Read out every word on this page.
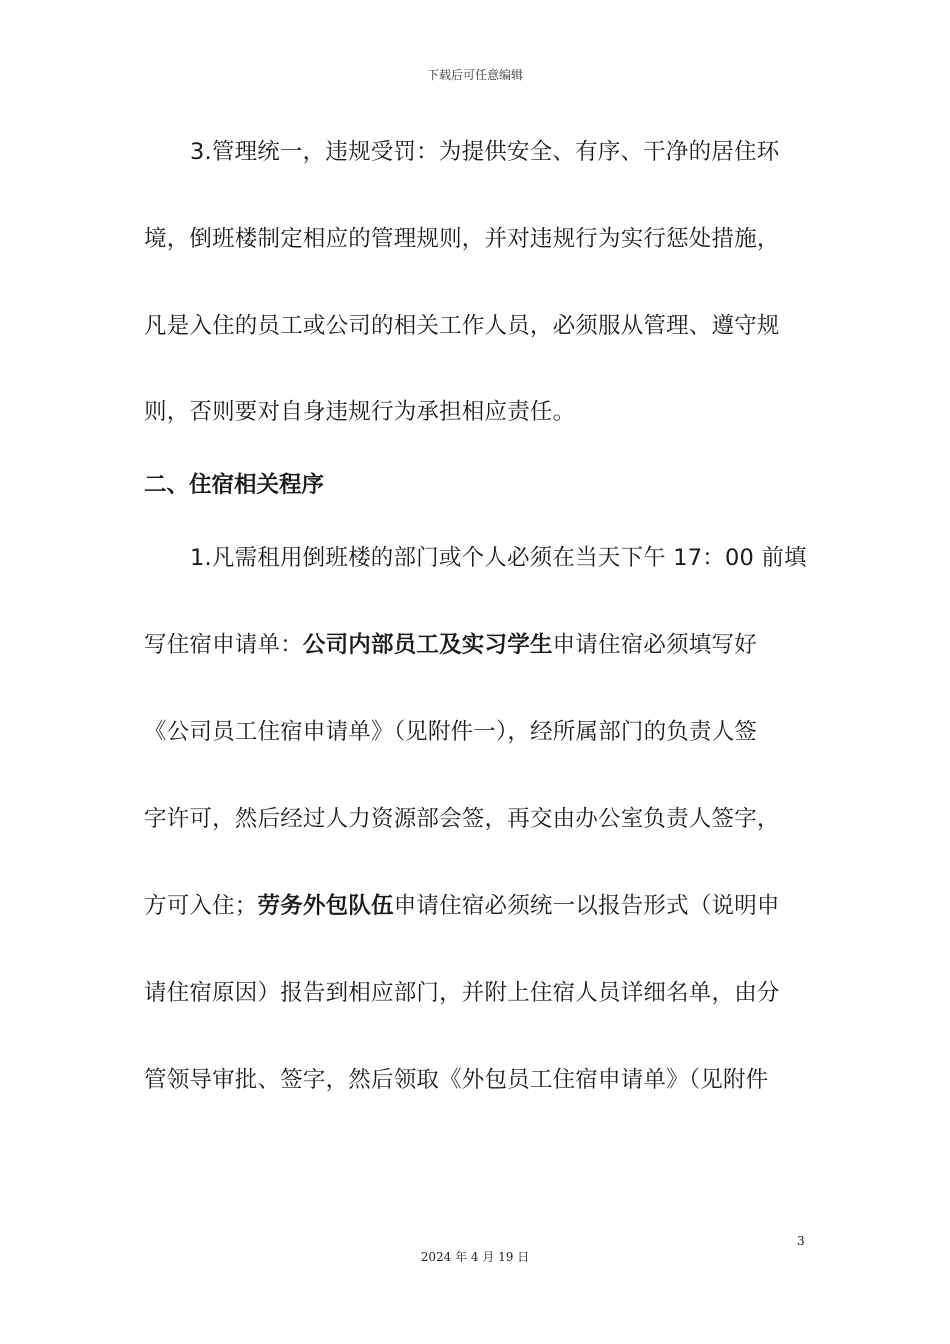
下载后可任意编辑
3.管理统一，违规受罚：为提供安全、有序、干净的居住环
境，倒班楼制定相应的管理规则，并对违规行为实行惩处措施，
凡是入住的员工或公司的相关工作人员，必须服从管理、遵守规
则，否则要对自身违规行为承担相应责任。
二、住宿相关程序
1.凡需租用倒班楼的部门或个人必须在当天下午 17：00 前填
写住宿申请单：公司内部员工及实习学生申请住宿必须填写好
《公司员工住宿申请单》（见附件一），经所属部门的负责人签
字许可，然后经过人力资源部会签，再交由办公室负责人签字，
方可入住；劳务外包队伍申请住宿必须统一以报告形式（说明申
请住宿原因）报告到相应部门，并附上住宿人员详细名单，由分
管领导审批、签字，然后领取《外包员工住宿申请单》（见附件
3
2024 年 4 月 19 日
